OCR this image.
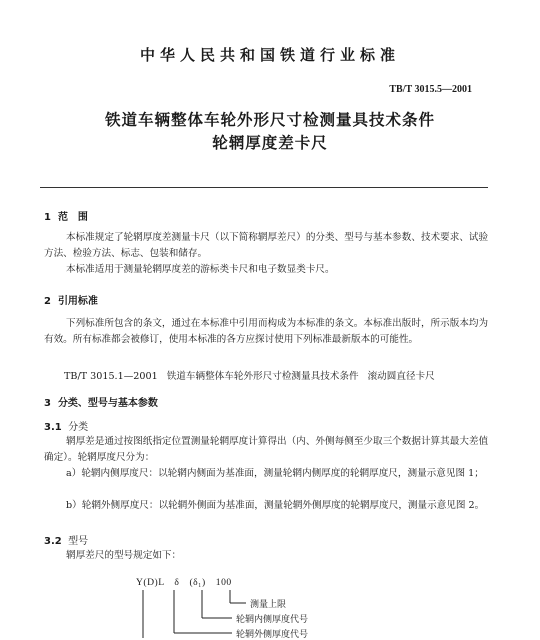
中华人民共和国铁道行业标准
TB/T 3015.5—2001
铁道车辆整体车轮外形尺寸检测量具技术条件
轮辋厚度差卡尺
1 范　围
本标准规定了轮辋厚度差测量卡尺（以下简称辋厚差尺）的分类、型号与基本参数、技术要求、试验方法、检验方法、标志、包装和储存。
本标准适用于测量轮辋厚度差的游标类卡尺和电子数显类卡尺。
2 引用标准
下列标准所包含的条文，通过在本标准中引用而构成为本标准的条文。本标准出版时，所示版本均为有效。所有标准都会被修订，使用本标准的各方应探讨使用下列标准最新版本的可能性。
TB/T 3015.1—2001 铁道车辆整体车轮外形尺寸检测量具技术条件 滚动圆直径卡尺
3 分类、型号与基本参数
3.1 分类
辋厚差是通过按图纸指定位置测量轮辋厚度计算得出（内、外侧每侧至少取三个数据计算其最大差值确定）。轮辋厚度尺分为：
a）轮辋内侧厚度尺：以轮辋内侧面为基准面，测量轮辋内侧厚度的轮辋厚度尺，测量示意见图 1；
b）轮辋外侧厚度尺：以轮辋外侧面为基准面，测量轮辋外侧厚度的轮辋厚度尺，测量示意见图 2。
3.2 型号
辋厚差尺的型号规定如下：
Y(D)L　δ　(δ₁)　100
测量上限
轮辋内侧厚度代号
轮辋外侧厚度代号
